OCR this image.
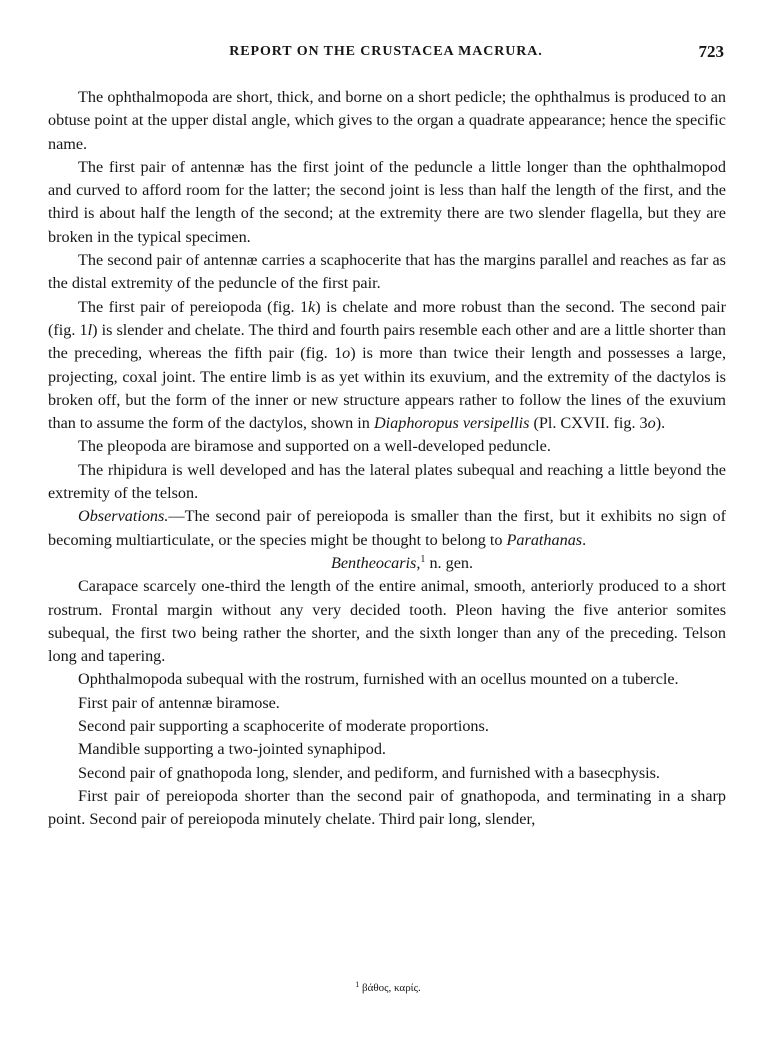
REPORT ON THE CRUSTACEA MACRURA.	723

The ophthalmopoda are short, thick, and borne on a short pedicle; the ophthalmus is produced to an obtuse point at the upper distal angle, which gives to the organ a quadrate appearance; hence the specific name.

The first pair of antennæ has the first joint of the peduncle a little longer than the ophthalmopod and curved to afford room for the latter; the second joint is less than half the length of the first, and the third is about half the length of the second; at the extremity there are two slender flagella, but they are broken in the typical specimen.

The second pair of antennæ carries a scaphocerite that has the margins parallel and reaches as far as the distal extremity of the peduncle of the first pair.

The first pair of pereiopoda (fig. 1k) is chelate and more robust than the second. The second pair (fig. 1l) is slender and chelate. The third and fourth pairs resemble each other and are a little shorter than the preceding, whereas the fifth pair (fig. 1o) is more than twice their length and possesses a large, projecting, coxal joint. The entire limb is as yet within its exuvium, and the extremity of the dactylos is broken off, but the form of the inner or new structure appears rather to follow the lines of the exuvium than to assume the form of the dactylos, shown in Diaphoropus versipellis (Pl. CXVII. fig. 3o).

The pleopoda are biramose and supported on a well-developed peduncle.

The rhipidura is well developed and has the lateral plates subequal and reaching a little beyond the extremity of the telson.

Observations.—The second pair of pereiopoda is smaller than the first, but it exhibits no sign of becoming multiarticulate, or the species might be thought to belong to Parathanas.

Bentheocaris,$^1$ n. gen.

Carapace scarcely one-third the length of the entire animal, smooth, anteriorly produced to a short rostrum. Frontal margin without any very decided tooth. Pleon having the five anterior somites subequal, the first two being rather the shorter, and the sixth longer than any of the preceding. Telson long and tapering.

Ophthalmopoda subequal with the rostrum, furnished with an ocellus mounted on a tubercle.

First pair of antennæ biramose.

Second pair supporting a scaphocerite of moderate proportions.

Mandible supporting a two-jointed synaphipod.

Second pair of gnathopoda long, slender, and pediform, and furnished with a basecphysis.

First pair of pereiopoda shorter than the second pair of gnathopoda, and terminating in a sharp point. Second pair of pereiopoda minutely chelate. Third pair long, slender,

$^1$ βάθος, καρίς.
